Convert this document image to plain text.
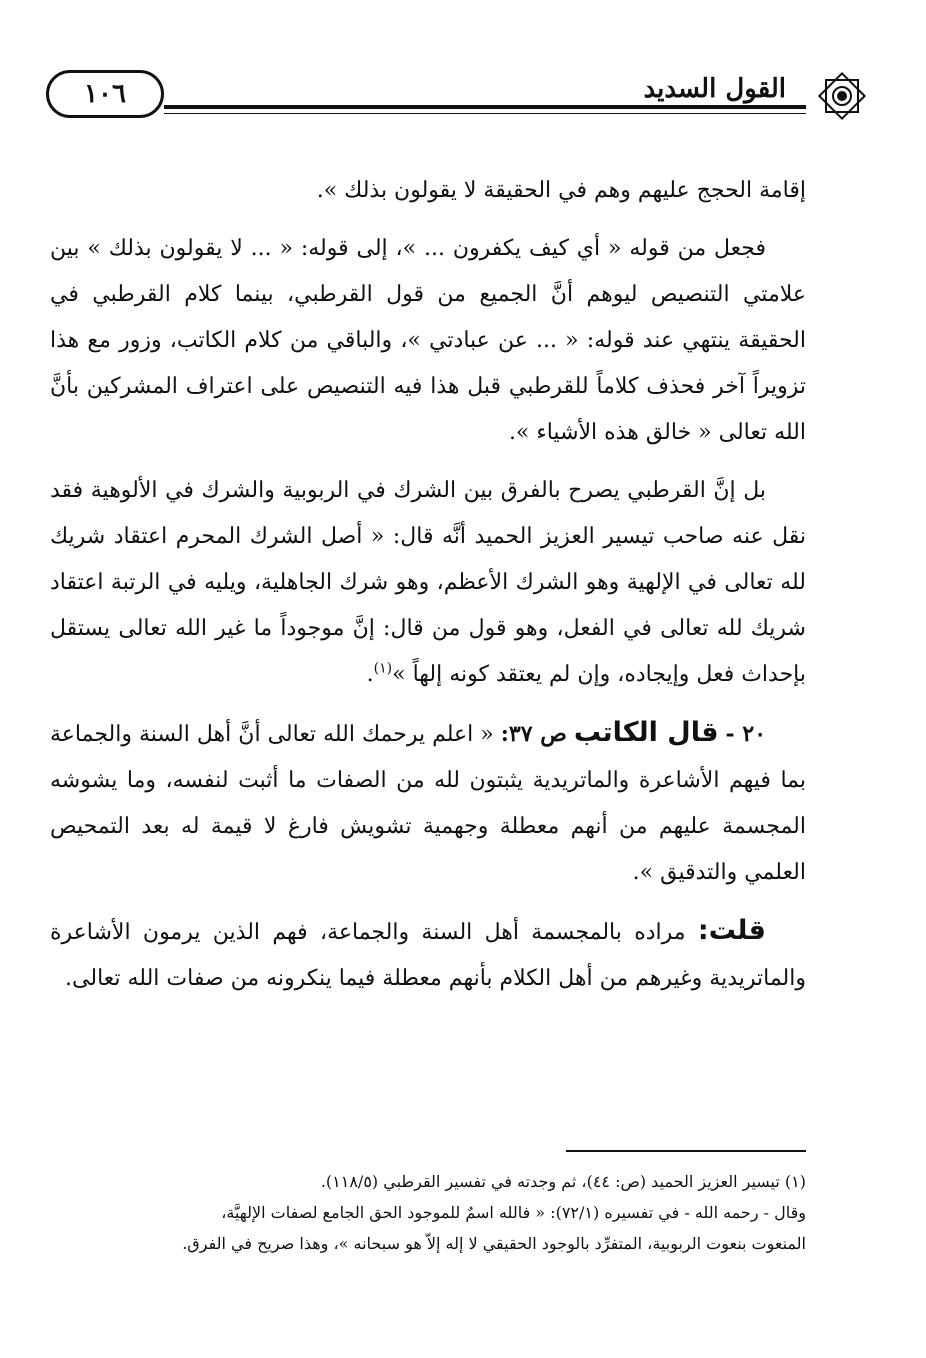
١٠٦	القول السديد

إقامة الحجج عليهم وهم في الحقيقة لا يقولون بذلك ».

فجعل من قوله « أي كيف يكفرون ... »، إلى قوله: « ... لا يقولون بذلك » بين علامتي التنصيص ليوهم أنَّ الجميع من قول القرطبي، بينما كلام القرطبي في الحقيقة ينتهي عند قوله: « ... عن عبادتي »، والباقي من كلام الكاتب، وزور مع هذا تزويراً آخر فحذف كلاماً للقرطبي قبل هذا فيه التنصيص على اعتراف المشركين بأنَّ الله تعالى « خالق هذه الأشياء ».

بل إنَّ القرطبي يصرح بالفرق بين الشرك في الربوبية والشرك في الألوهية فقد نقل عنه صاحب تيسير العزيز الحميد أنَّه قال: « أصل الشرك المحرم اعتقاد شريك لله تعالى في الإلهية وهو الشرك الأعظم، وهو شرك الجاهلية، ويليه في الرتبة اعتقاد شريك لله تعالى في الفعل، وهو قول من قال: إنَّ موجوداً ما غير الله تعالى يستقل بإحداث فعل وإيجاده، وإن لم يعتقد كونه إلهاً »$^{(١)}$.

٢٠ - قال الكاتب ص ٣٧: « اعلم يرحمك الله تعالى أنَّ أهل السنة والجماعة بما فيهم الأشاعرة والماتريدية يثبتون لله من الصفات ما أثبت لنفسه، وما يشوشه المجسمة عليهم من أنهم معطلة وجهمية تشويش فارغ لا قيمة له بعد التمحيص العلمي والتدقيق ».

قلت: مراده بالمجسمة أهل السنة والجماعة، فهم الذين يرمون الأشاعرة والماتريدية وغيرهم من أهل الكلام بأنهم معطلة فيما ينكرونه من صفات الله تعالى.

(١) تيسير العزيز الحميد (ص: ٤٤)، ثم وجدته في تفسير القرطبي (١١٨/٥).

وقال - رحمه الله - في تفسيره (٧٢/١): « فالله اسمٌ للموجود الحق الجامع لصفات الإلهيَّة،

المنعوت بنعوت الربوبية، المتفرِّد بالوجود الحقيقي لا إله إلاّ هو سبحانه »، وهذا صريح في الفرق.
